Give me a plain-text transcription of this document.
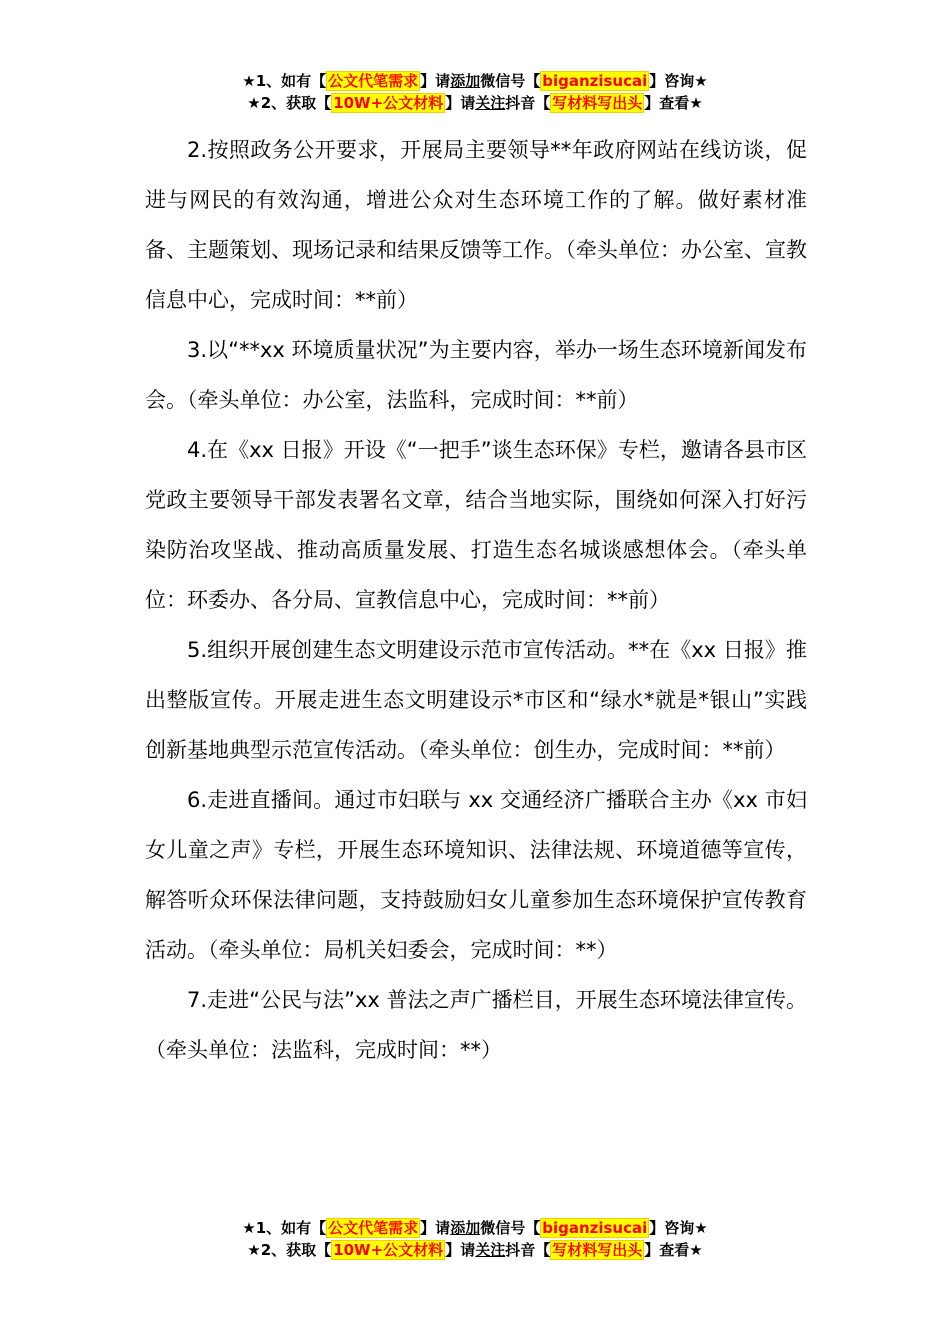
★1、如有【 公文代笔需求 】请添加微信号【 biganzisucai 】咨询★
★2、获取【 10W+公文材料 】请关注抖音【 写材料写出头 】查看★

2.按照政务公开要求，开展局主要领导**年政府网站在线访谈，促进与网民的有效沟通，增进公众对生态环境工作的了解。做好素材准备、主题策划、现场记录和结果反馈等工作。（牵头单位：办公室、宣教信息中心，完成时间：**前）

3.以“**xx 环境质量状况”为主要内容，举办一场生态环境新闻发布会。（牵头单位：办公室，法监科，完成时间：**前）

4.在《xx 日报》开设《“一把手”谈生态环保》专栏，邀请各县市区党政主要领导干部发表署名文章，结合当地实际，围绕如何深入打好污染防治攻坚战、推动高质量发展、打造生态名城谈感想体会。（牵头单位：环委办、各分局、宣教信息中心，完成时间：**前）

5.组织开展创建生态文明建设示范市宣传活动。**在《xx 日报》推出整版宣传。开展走进生态文明建设示*市区和“绿水*就是*银山”实践创新基地典型示范宣传活动。（牵头单位：创生办，完成时间：**前）

6.走进直播间。通过市妇联与 xx 交通经济广播联合主办《xx 市妇女儿童之声》专栏，开展生态环境知识、法律法规、环境道德等宣传，解答听众环保法律问题，支持鼓励妇女儿童参加生态环境保护宣传教育活动。（牵头单位：局机关妇委会，完成时间：**）

7.走进“公民与法”xx 普法之声广播栏目，开展生态环境法律宣传。（牵头单位：法监科，完成时间：**）

★1、如有【 公文代笔需求 】请添加微信号【 biganzisucai 】咨询★
★2、获取【 10W+公文材料 】请关注抖音【 写材料写出头 】查看★
